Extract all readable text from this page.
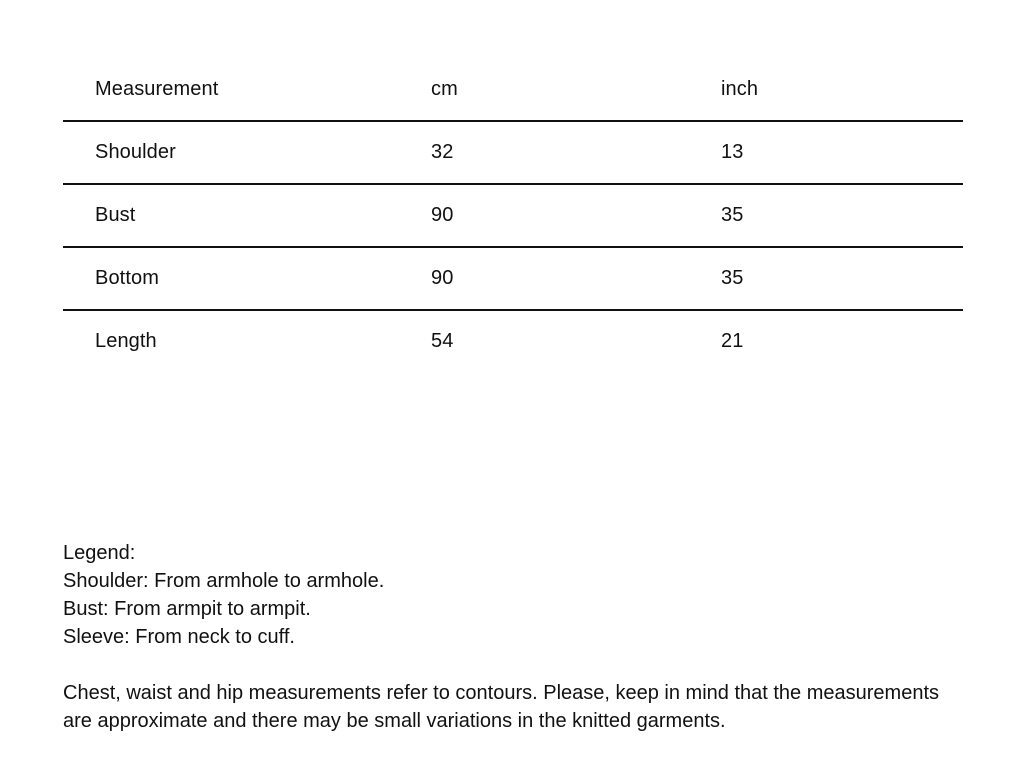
Measurement	cm	inch
Shoulder	32	13
Bust	90	35
Bottom	90	35
Length	54	21
Legend:
Shoulder: From armhole to armhole.
Bust: From armpit to armpit.
Sleeve: From neck to cuff.
Chest, waist and hip measurements refer to contours. Please, keep in mind that the measurements are approximate and there may be small variations in the knitted garments.
